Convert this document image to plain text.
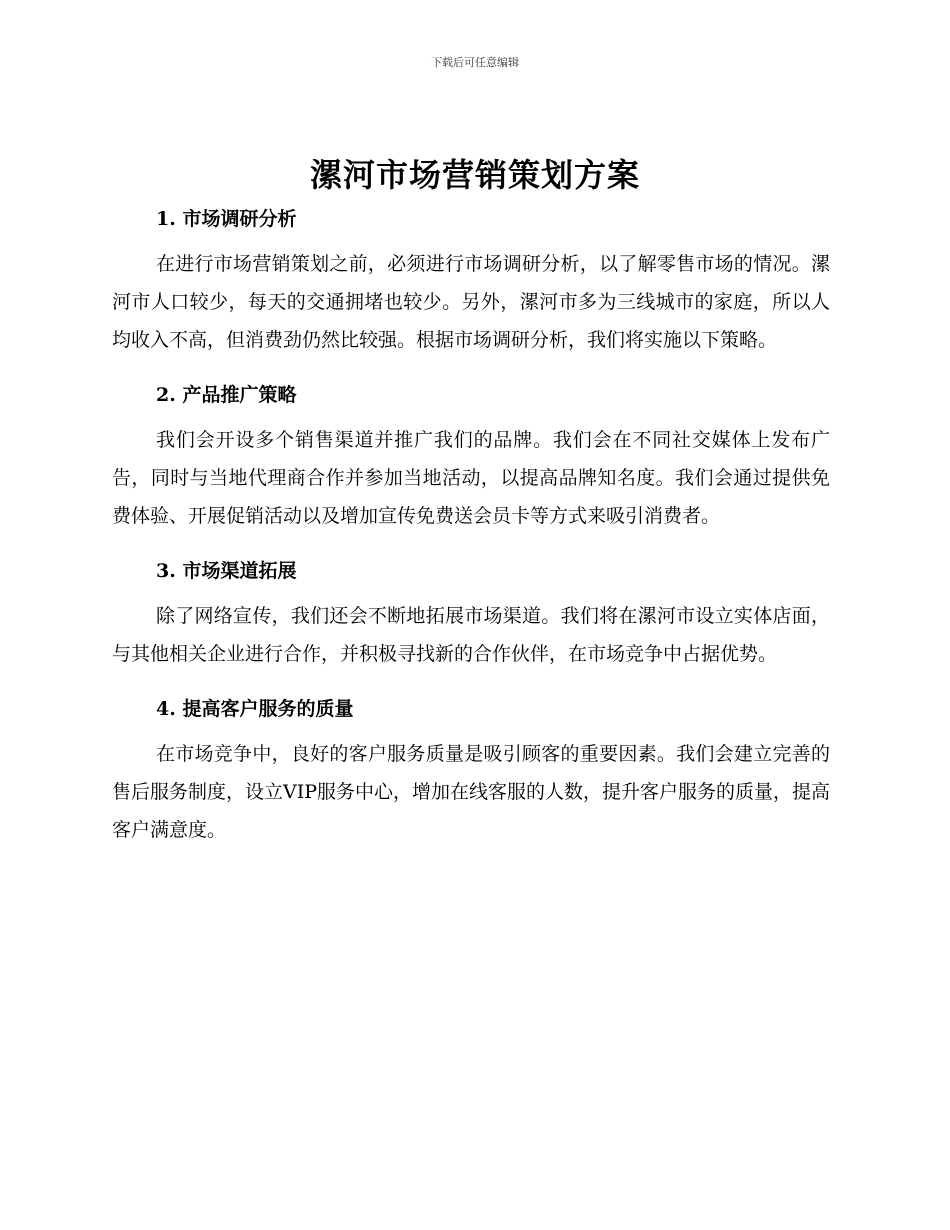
下载后可任意编辑
漯河市场营销策划方案
1. 市场调研分析
在进行市场营销策划之前，必须进行市场调研分析，以了解零售市场的情况。漯河市人口较少，每天的交通拥堵也较少。另外，漯河市多为三线城市的家庭，所以人均收入不高，但消费劲仍然比较强。根据市场调研分析，我们将实施以下策略。
2. 产品推广策略
我们会开设多个销售渠道并推广我们的品牌。我们会在不同社交媒体上发布广告，同时与当地代理商合作并参加当地活动，以提高品牌知名度。我们会通过提供免费体验、开展促销活动以及增加宣传免费送会员卡等方式来吸引消费者。
3. 市场渠道拓展
除了网络宣传，我们还会不断地拓展市场渠道。我们将在漯河市设立实体店面，与其他相关企业进行合作，并积极寻找新的合作伙伴，在市场竞争中占据优势。
4. 提高客户服务的质量
在市场竞争中，良好的客户服务质量是吸引顾客的重要因素。我们会建立完善的售后服务制度，设立VIP服务中心，增加在线客服的人数，提升客户服务的质量，提高客户满意度。
